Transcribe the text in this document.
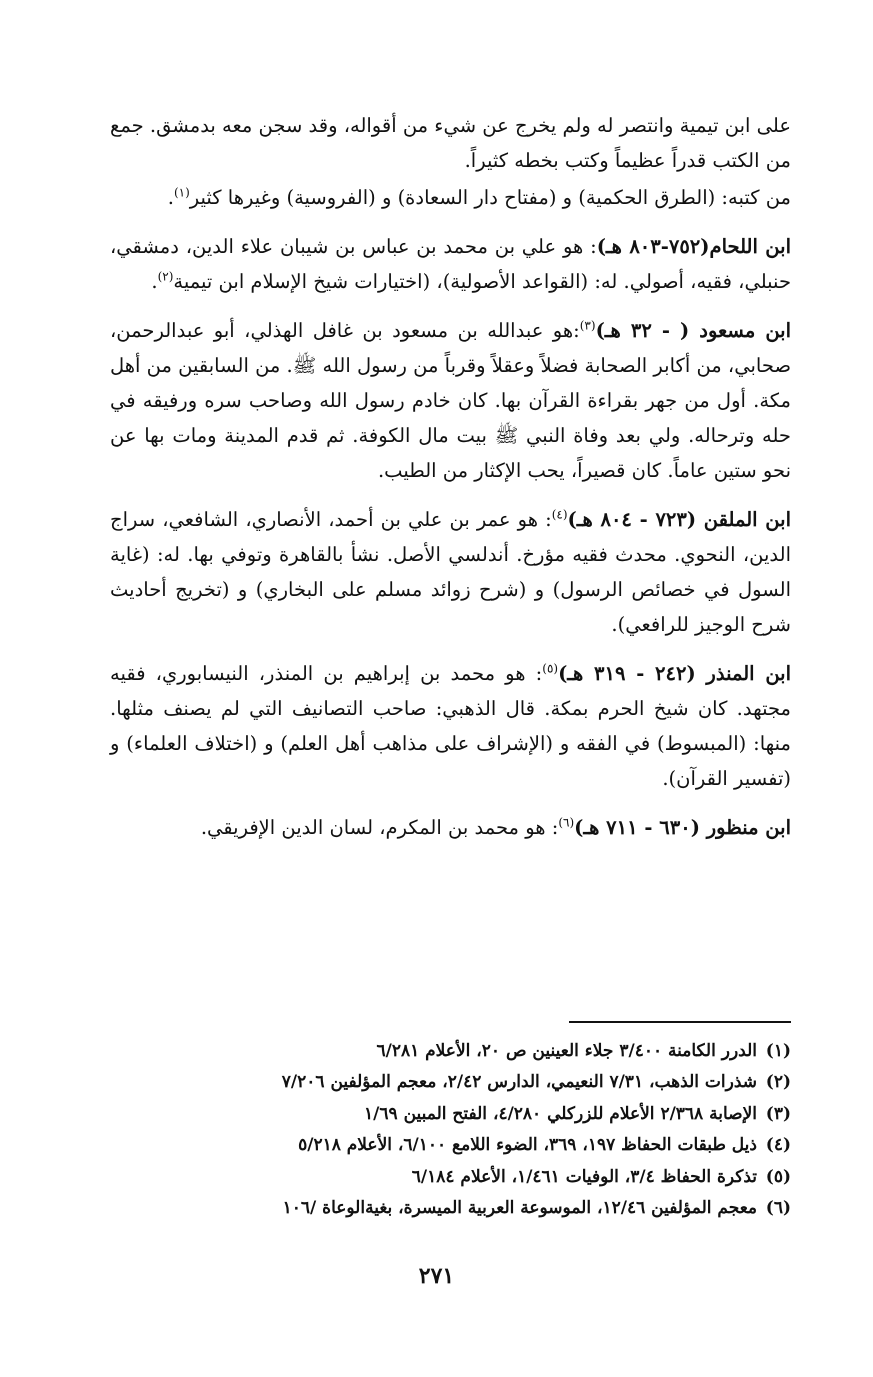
على ابن تيمية وانتصر له ولم يخرج عن شيء من أقواله، وقد سجن معه بدمشق. جمع من الكتب قدراً عظيماً وكتب بخطه كثيراً.

من كتبه: (الطرق الحكمية) و (مفتاح دار السعادة) و (الفروسية) وغيرها كثير$^{(١)}$.

ابن اللحام(٧٥٢-٨٠٣ هـ): هو علي بن محمد بن عباس بن شيبان علاء الدين، دمشقي، حنبلي، فقيه، أصولي. له: (القواعد الأصولية)، (اختيارات شيخ الإسلام ابن تيمية$^{(٢)}$.

ابن مسعود ( - ٣٢ هـ)$^{(٣)}$:هو عبدالله بن مسعود بن غافل الهذلي، أبو عبدالرحمن، صحابي، من أكابر الصحابة فضلاً وعقلاً وقرباً من رسول الله ﷺ. من السابقين من أهل مكة. أول من جهر بقراءة القرآن بها. كان خادم رسول الله وصاحب سره ورفيقه في حله وترحاله. ولي بعد وفاة النبي ﷺ بيت مال الكوفة. ثم قدم المدينة ومات بها عن نحو ستين عاماً. كان قصيراً، يحب الإكثار من الطيب.

ابن الملقن (٧٢٣ - ٨٠٤ هـ)$^{(٤)}$: هو عمر بن علي بن أحمد، الأنصاري، الشافعي، سراج الدين، النحوي. محدث فقيه مؤرخ. أندلسي الأصل. نشأ بالقاهرة وتوفي بها. له: (غاية السول في خصائص الرسول) و (شرح زوائد مسلم على البخاري) و (تخريج أحاديث شرح الوجيز للرافعي).

ابن المنذر (٢٤٢ - ٣١٩ هـ)$^{(٥)}$: هو محمد بن إبراهيم بن المنذر، النيسابوري، فقيه مجتهد. كان شيخ الحرم بمكة. قال الذهبي: صاحب التصانيف التي لم يصنف مثلها. منها: (المبسوط) في الفقه و (الإشراف على مذاهب أهل العلم) و (اختلاف العلماء) و (تفسير القرآن).

ابن منظور (٦٣٠ - ٧١١ هـ)$^{(٦)}$: هو محمد بن المكرم، لسان الدين الإفريقي.

(١)الدرر الكامنة ٣/٤٠٠ جلاء العينين ص ٢٠، الأعلام ٦/٢٨١
(٢)شذرات الذهب، ٧/٣١ النعيمي، الدارس ٢/٤٢، معجم المؤلفين ٧/٢٠٦
(٣)الإصابة ٢/٣٦٨ الأعلام للزركلي ٤/٢٨٠، الفتح المبين ١/٦٩
(٤)ذيل طبقات الحفاظ ١٩٧، ٣٦٩، الضوء اللامع ٦/١٠٠، الأعلام ٥/٢١٨
(٥)تذكرة الحفاظ ٣/٤، الوفيات ١/٤٦١، الأعلام ٦/١٨٤
(٦)معجم المؤلفين ١٢/٤٦، الموسوعة العربية الميسرة، بغيةالوعاة /١٠٦
٢٧١
